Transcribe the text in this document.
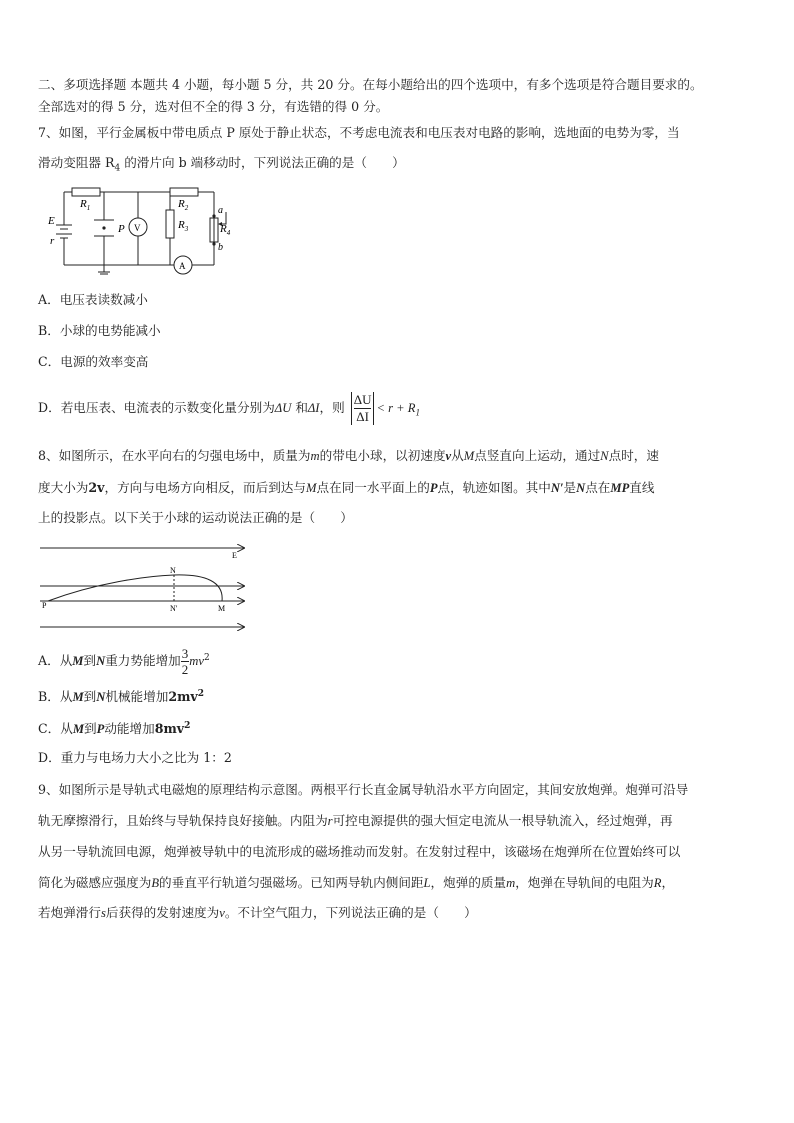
二、多项选择题 本题共 4 小题，每小题 5 分，共 20 分。在每小题给出的四个选项中，有多个选项是符合题目要求的。
全部选对的得 5 分，选对但不全的得 3 分，有选错的得 0 分。
7、如图，平行金属板中带电质点 P 原处于静止状态，不考虑电流表和电压表对电路的影响，选地面的电势为零，当
滑动变阻器 $R_4$ 的滑片向 b 端移动时，下列说法正确的是（　　）
E
r
P V
A
$R_1$	$R_2$
$R_3$	$R_4$
a
b
A．电压表读数减小
B．小球的电势能减小
C．电源的效率变高
D．若电压表、电流表的示数变化量分别为ΔU 和ΔI，则 $\frac{\Delta U}{\Delta I} < r + R_1$
8、如图所示，在水平向右的匀强电场中，质量为m的带电小球，以初速度v从M点竖直向上运动，通过N点时，速
度大小为2v，方向与电场方向相反，而后到达与M点在同一水平面上的P点，轨迹如图。其中N′是N点在MP直线
上的投影点。以下关于小球的运动说法正确的是（　　）
E
N
N′
P	M
A．从M到N重力势能增加 $\frac{3}{2} mv^2$
B．从M到N机械能增加$2mv^2$
C．从M到P动能增加$8mv^2$
D．重力与电场力大小之比为 1：2
9、如图所示是导轨式电磁炮的原理结构示意图。两根平行长直金属导轨沿水平方向固定，其间安放炮弹。炮弹可沿导
轨无摩擦滑行，且始终与导轨保持良好接触。内阻为r可控电源提供的强大恒定电流从一根导轨流入，经过炮弹，再
从另一导轨流回电源，炮弹被导轨中的电流形成的磁场推动而发射。在发射过程中，该磁场在炮弹所在位置始终可以
简化为磁感应强度为B的垂直平行轨道匀强磁场。已知两导轨内侧间距L，炮弹的质量m，炮弹在导轨间的电阻为R，
若炮弹滑行s后获得的发射速度为v。不计空气阻力，下列说法正确的是（　　）
